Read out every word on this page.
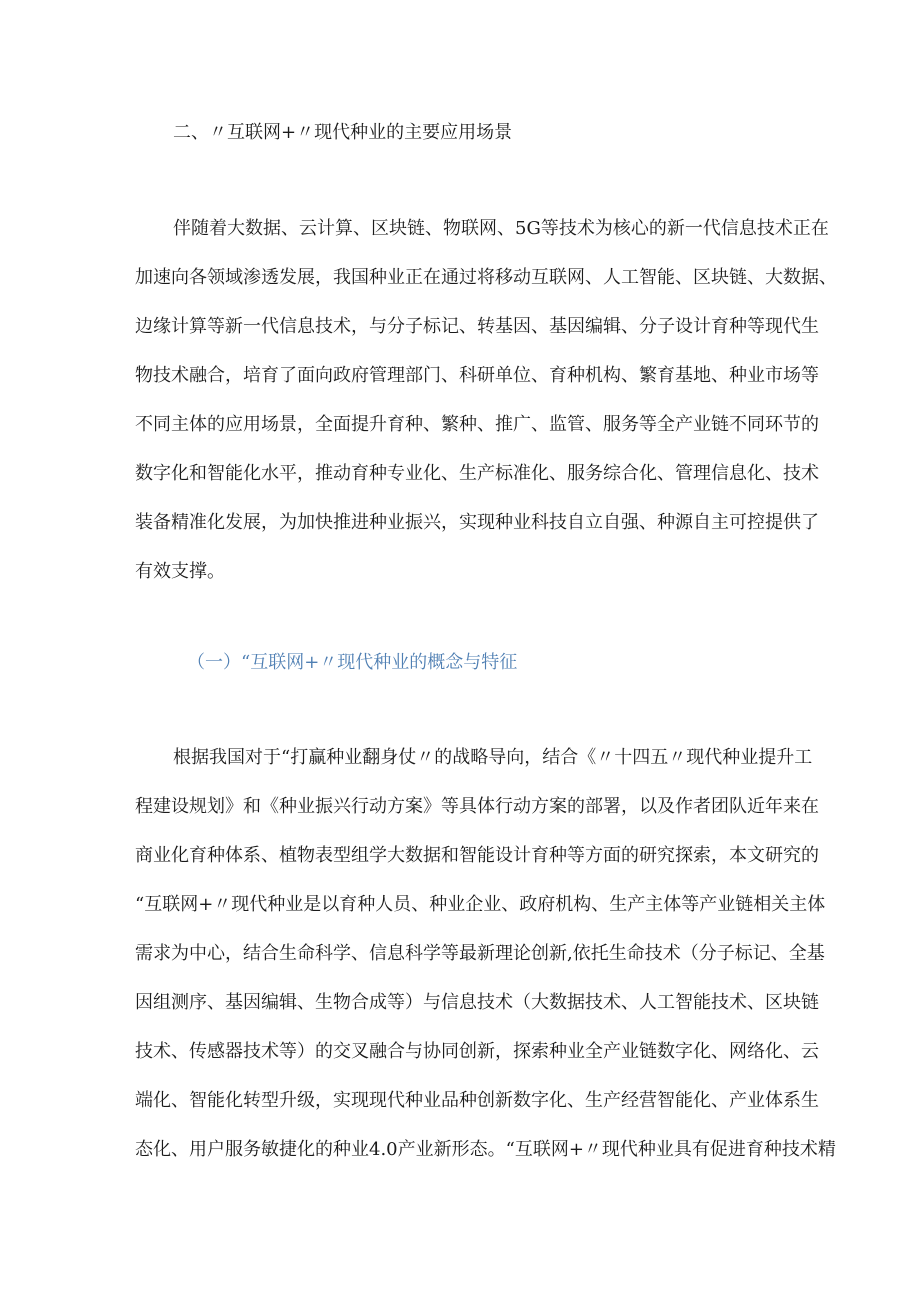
二、〃互联网+〃现代种业的主要应用场景
伴随着大数据、云计算、区块链、物联网、5G等技术为核心的新一代信息技术正在
加速向各领域渗透发展，我国种业正在通过将移动互联网、人工智能、区块链、大数据、
边缘计算等新一代信息技术，与分子标记、转基因、基因编辑、分子设计育种等现代生
物技术融合，培育了面向政府管理部门、科研单位、育种机构、繁育基地、种业市场等
不同主体的应用场景，全面提升育种、繁种、推广、监管、服务等全产业链不同环节的
数字化和智能化水平，推动育种专业化、生产标准化、服务综合化、管理信息化、技术
装备精准化发展，为加快推进种业振兴，实现种业科技自立自强、种源自主可控提供了
有效支撑。
（一）“互联网+〃现代种业的概念与特征
根据我国对于“打赢种业翻身仗〃的战略导向，结合《〃十四五〃现代种业提升工
程建设规划》和《种业振兴行动方案》等具体行动方案的部署，以及作者团队近年来在
商业化育种体系、植物表型组学大数据和智能设计育种等方面的研究探索，本文研究的
“互联网+〃现代种业是以育种人员、种业企业、政府机构、生产主体等产业链相关主体
需求为中心，结合生命科学、信息科学等最新理论创新,依托生命技术（分子标记、全基
因组测序、基因编辑、生物合成等）与信息技术（大数据技术、人工智能技术、区块链
技术、传感器技术等）的交叉融合与协同创新，探索种业全产业链数字化、网络化、云
端化、智能化转型升级，实现现代种业品种创新数字化、生产经营智能化、产业体系生
态化、用户服务敏捷化的种业4.0产业新形态。“互联网+〃现代种业具有促进育种技术精
